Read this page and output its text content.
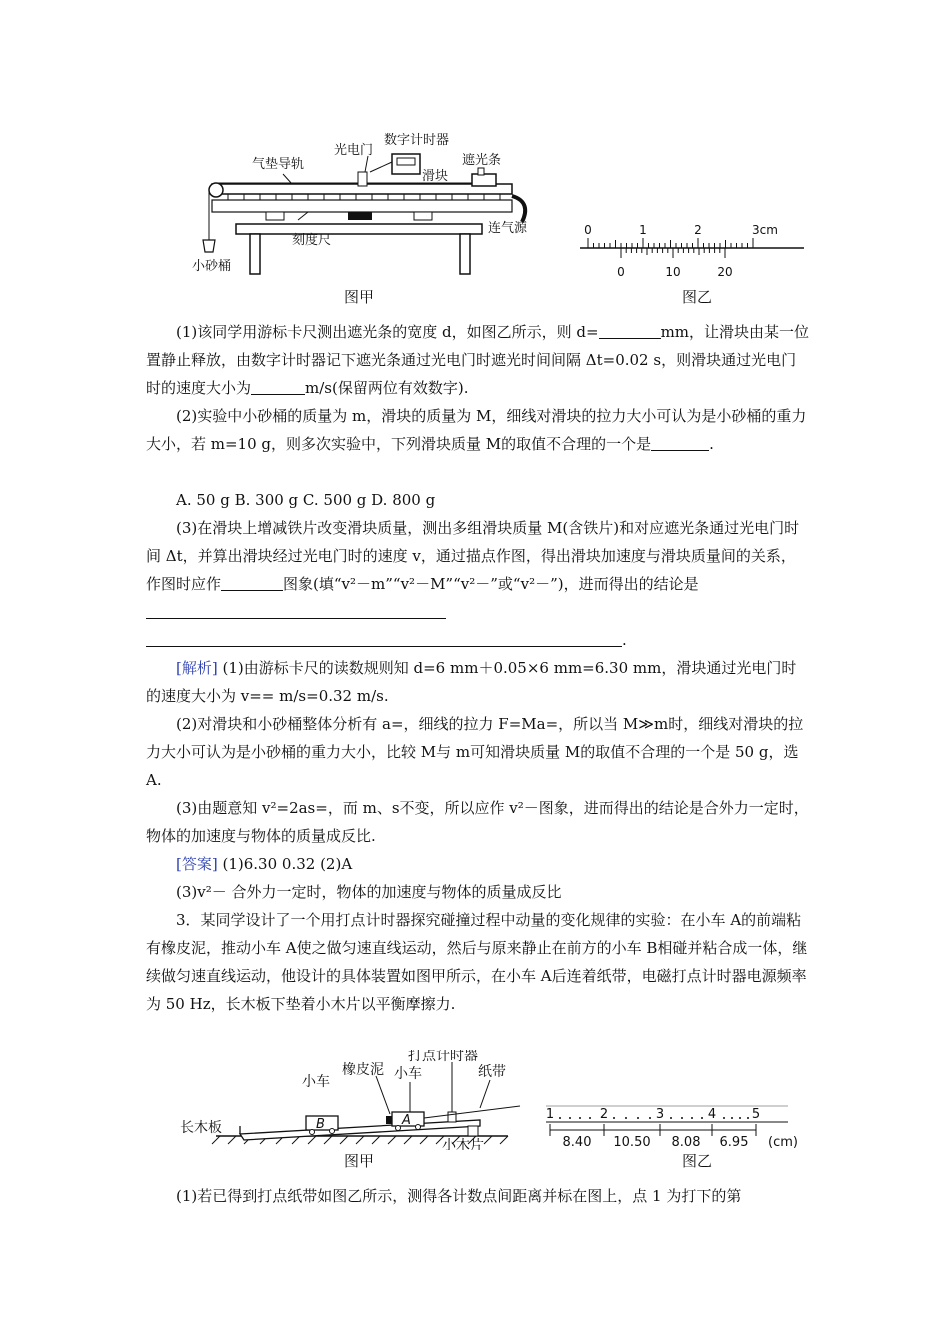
气垫导轨
光电门
数字计时器
滑块
遮光条
连气源
刻度尺
小砂桶
图甲
0	1	2	3cm
0	10	20
图乙
(1)该同学用游标卡尺测出遮光条的宽度 d，如图乙所示，则 d=	mm，让滑块由某一位置静止释放，由数字计时器记下遮光条通过光电门时遮光时间间隔 Δt=0.02 s，则滑块通过光电门时的速度大小为	m/s(保留两位有效数字).
(2)实验中小砂桶的质量为 m，滑块的质量为 M，细线对滑块的拉力大小可认为是小砂桶的重力大小，若 m=10 g，则多次实验中，下列滑块质量 M的取值不合理的一个是	.
A. 50 g B. 300 g C. 500 g D. 800 g
(3)在滑块上增减铁片改变滑块质量，测出多组滑块质量 M(含铁片)和对应遮光条通过光电门时间 Δt，并算出滑块经过光电门时的速度 v，通过描点作图，得出滑块加速度与滑块质量间的关系，作图时应作	图象(填“v²－m”“v²－M”“v²－”或“v²－”)，进而得出的结论是
.
[解析] (1)由游标卡尺的读数规则知 d=6 mm＋0.05×6 mm=6.30 mm，滑块通过光电门时的速度大小为 v== m/s=0.32 m/s.
(2)对滑块和小砂桶整体分析有 a=，细线的拉力 F=Ma=，所以当 M≫m时，细线对滑块的拉力大小可认为是小砂桶的重力大小，比较 M与 m可知滑块质量 M的取值不合理的一个是 50 g，选 A.
(3)由题意知 v²=2as=，而 m、s不变，所以应作 v²－图象，进而得出的结论是合外力一定时，物体的加速度与物体的质量成反比.
[答案] (1)6.30 0.32 (2)A
(3)v²－ 合外力一定时，物体的加速度与物体的质量成反比
3．某同学设计了一个用打点计时器探究碰撞过程中动量的变化规律的实验：在小车 A的前端粘有橡皮泥，推动小车 A使之做匀速直线运动，然后与原来静止在前方的小车 B相碰并粘合成一体，继续做匀速直线运动，他设计的具体装置如图甲所示，在小车 A后连着纸带，电磁打点计时器电源频率为 50 Hz，长木板下垫着小木片以平衡摩擦力.
长木板
小车
B
橡皮泥 小车
A
打点计时器
纸带
小木片
图甲
1	2	3	4	5
8.40 10.50 8.08 6.95 (cm)
图乙
(1)若已得到打点纸带如图乙所示，测得各计数点间距离并标在图上，点 1 为打下的第
